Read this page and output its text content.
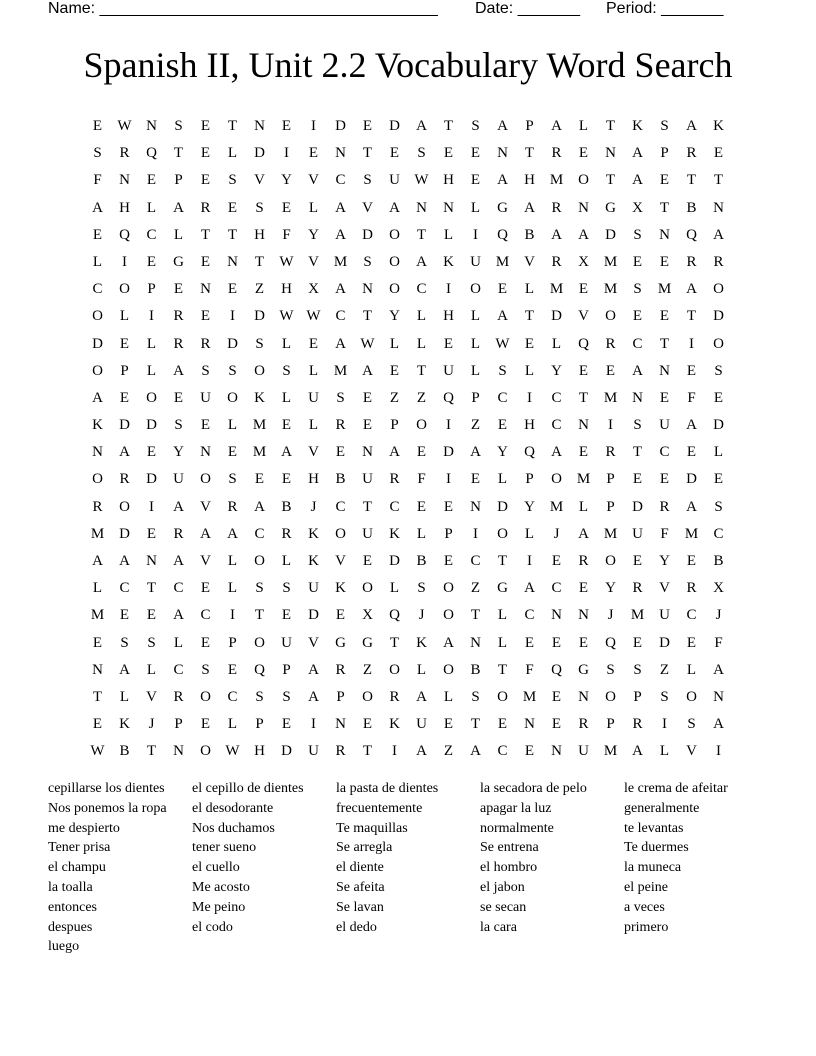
Name: ______________________________________ Date: _______ Period: _______
Spanish II, Unit 2.2 Vocabulary Word Search
E	W N	S	E	T	N	E	I	D	E	D	A	T	S	A	P	A	L	T	K	S	A	K
S	R	Q	T	E	L	D	I	E	N	T	E	S	E	E	N	T	R	E	N	A	P	R	E
F	N	E	P	E	S	V	Y	V	C	S	U W H	E	A	H M O	T	A	E	T	T
A	H	L	A	R	E	S	E	L	A	V	A	N	N	L	G	A	R	N	G	X	T	B	N
E	Q	C	L	T	T	H	F	Y	A	D	O	T	L	I	Q	B	A	A	D	S	N	Q	A
L	I	E	G	E	N	T	W V M	S	O	A	K	U M V	R	X M	E	E	R	R
C	O	P	E	N	E	Z	H	X	A	N	O	C	I	O	E	L	M	E	M	S	M A	O
O	L	I	R	E	I	D W W C	T	Y	L	H	L	A	T	D	V	O	E	E	T	D
D	E	L	R	R	D	S	L	E	A W	L	L	E	L	W	E	L	Q	R	C	T	I	O
O	P	L	A	S	S	O	S	L	M A	E	T	U	L	S	L	Y	E	E	A	N	E	S
A	E	O	E	U	O	K	L	U	S	E	Z	Z	Q	P	C	I	C	T	M N	E	F	E
K	D	D	S	E	L	M	E	L	R	E	P	O	I	Z	E	H	C	N	I	S	U	A	D
N	A	E	Y	N	E	M A	V	E	N	A	E	D	A	Y	Q	A	E	R	T	C	E	L
O	R	D	U	O	S	E	E	H	B	U	R	F	I	E	L	P	O M	P	E	E	D	E
R	O	I	A	V	R	A	B	J	C	T	C	E	E	N	D	Y M	L	P	D	R	A	S
M D	E	R	A	A	C	R	K	O	U	K	L	P	I	O	L	J	A M U	F	M	C
A	A	N	A	V	L	O	L	K	V	E	D	B	E	C	T	I	E	R	O	E	Y	E	B
L	C	T	C	E	L	S	S	U	K	O	L	S	O	Z	G	A	C	E	Y	R	V	R	X
M	E	E	A	C	I	T	E	D	E	X	Q	J	O	T	L	C	N	N	J	M U	C	J
E	S	S	L	E	P	O	U	V	G	G	T	K	A	N	L	E	E	E	Q	E	D	E	F
N	A	L	C	S	E	Q	P	A	R	Z	O	L	O	B	T	F	Q	G	S	S	Z	L	A
T	L	V	R	O	C	S	S	A	P	O	R	A	L	S	O M	E	N	O	P	S	O	N
E	K	J	P	E	L	P	E	I	N	E	K	U	E	T	E	N	E	R	P	R	I	S	A
W B	T	N	O W H	D	U	R	T	I	A	Z	A	C	E	N	U M A	L	V	I
cepillarse los dientes	el cepillo de dientes	la pasta de dientes	la secadora de pelo	le crema de afeitar
Nos ponemos la ropa	el desodorante	frecuentemente	apagar la luz	generalmente
me despierto	Nos duchamos	Te maquillas	normalmente	te levantas
Tener prisa	tener sueno	Se arregla	Se entrena	Te duermes
el champu	el cuello	el diente	el hombro	la muneca
la toalla	Me acosto	Se afeita	el jabon	el peine
entonces	Me peino	Se lavan	se secan	a veces
despues	el codo	el dedo	la cara	primero
luego
